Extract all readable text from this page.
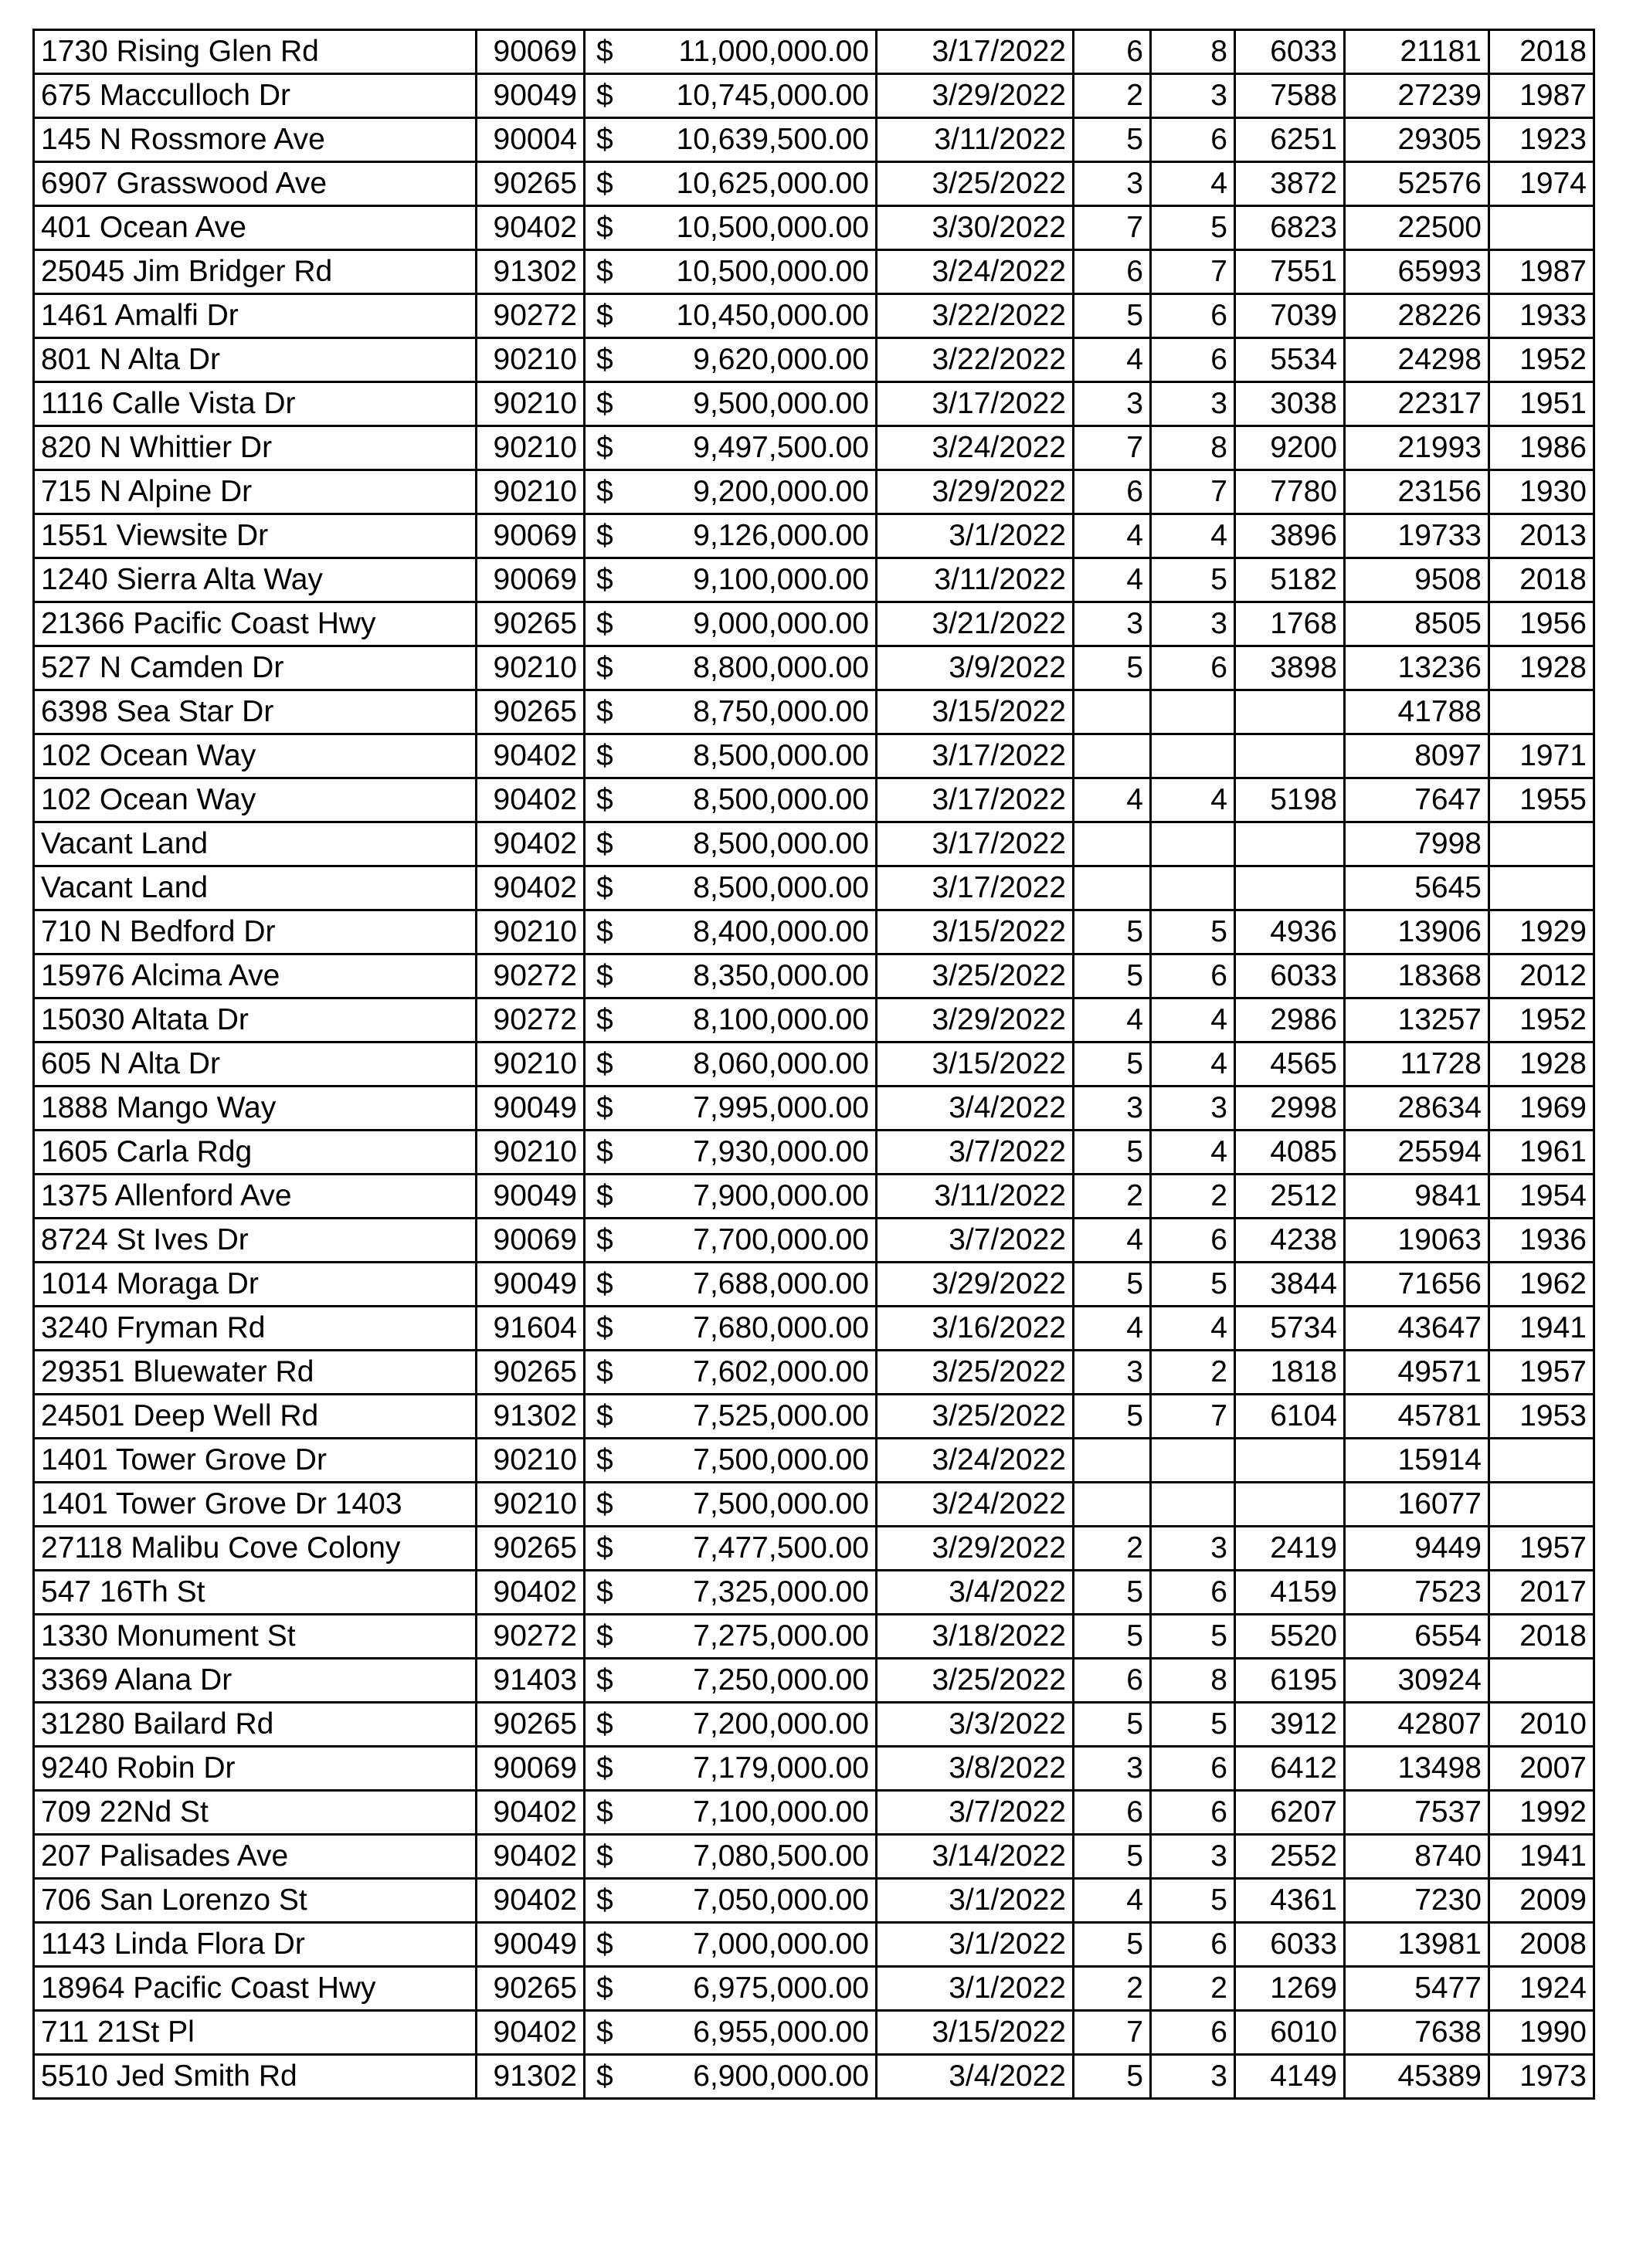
1730 Rising Glen Rd	90069	$ 11,000,000.00	3/17/2022	6	8	6033	21181	2018
675 Macculloch Dr	90049	$ 10,745,000.00	3/29/2022	2	3	7588	27239	1987
145 N Rossmore Ave	90004	$ 10,639,500.00	3/11/2022	5	6	6251	29305	1923
6907 Grasswood Ave	90265	$ 10,625,000.00	3/25/2022	3	4	3872	52576	1974
401 Ocean Ave	90402	$ 10,500,000.00	3/30/2022	7	5	6823	22500	
25045 Jim Bridger Rd	91302	$ 10,500,000.00	3/24/2022	6	7	7551	65993	1987
1461 Amalfi Dr	90272	$ 10,450,000.00	3/22/2022	5	6	7039	28226	1933
801 N Alta Dr	90210	$ 9,620,000.00	3/22/2022	4	6	5534	24298	1952
1116 Calle Vista Dr	90210	$ 9,500,000.00	3/17/2022	3	3	3038	22317	1951
820 N Whittier Dr	90210	$ 9,497,500.00	3/24/2022	7	8	9200	21993	1986
715 N Alpine Dr	90210	$ 9,200,000.00	3/29/2022	6	7	7780	23156	1930
1551 Viewsite Dr	90069	$ 9,126,000.00	3/1/2022	4	4	3896	19733	2013
1240 Sierra Alta Way	90069	$ 9,100,000.00	3/11/2022	4	5	5182	9508	2018
21366 Pacific Coast Hwy	90265	$ 9,000,000.00	3/21/2022	3	3	1768	8505	1956
527 N Camden Dr	90210	$ 8,800,000.00	3/9/2022	5	6	3898	13236	1928
6398 Sea Star Dr	90265	$ 8,750,000.00	3/15/2022				41788	
102 Ocean Way	90402	$ 8,500,000.00	3/17/2022				8097	1971
102 Ocean Way	90402	$ 8,500,000.00	3/17/2022	4	4	5198	7647	1955
Vacant Land	90402	$ 8,500,000.00	3/17/2022				7998	
Vacant Land	90402	$ 8,500,000.00	3/17/2022				5645	
710 N Bedford Dr	90210	$ 8,400,000.00	3/15/2022	5	5	4936	13906	1929
15976 Alcima Ave	90272	$ 8,350,000.00	3/25/2022	5	6	6033	18368	2012
15030 Altata Dr	90272	$ 8,100,000.00	3/29/2022	4	4	2986	13257	1952
605 N Alta Dr	90210	$ 8,060,000.00	3/15/2022	5	4	4565	11728	1928
1888 Mango Way	90049	$ 7,995,000.00	3/4/2022	3	3	2998	28634	1969
1605 Carla Rdg	90210	$ 7,930,000.00	3/7/2022	5	4	4085	25594	1961
1375 Allenford Ave	90049	$ 7,900,000.00	3/11/2022	2	2	2512	9841	1954
8724 St Ives Dr	90069	$ 7,700,000.00	3/7/2022	4	6	4238	19063	1936
1014 Moraga Dr	90049	$ 7,688,000.00	3/29/2022	5	5	3844	71656	1962
3240 Fryman Rd	91604	$ 7,680,000.00	3/16/2022	4	4	5734	43647	1941
29351 Bluewater Rd	90265	$ 7,602,000.00	3/25/2022	3	2	1818	49571	1957
24501 Deep Well Rd	91302	$ 7,525,000.00	3/25/2022	5	7	6104	45781	1953
1401 Tower Grove Dr	90210	$ 7,500,000.00	3/24/2022				15914	
1401 Tower Grove Dr 1403	90210	$ 7,500,000.00	3/24/2022				16077	
27118 Malibu Cove Colony	90265	$ 7,477,500.00	3/29/2022	2	3	2419	9449	1957
547 16Th St	90402	$ 7,325,000.00	3/4/2022	5	6	4159	7523	2017
1330 Monument St	90272	$ 7,275,000.00	3/18/2022	5	5	5520	6554	2018
3369 Alana Dr	91403	$ 7,250,000.00	3/25/2022	6	8	6195	30924	
31280 Bailard Rd	90265	$ 7,200,000.00	3/3/2022	5	5	3912	42807	2010
9240 Robin Dr	90069	$ 7,179,000.00	3/8/2022	3	6	6412	13498	2007
709 22Nd St	90402	$ 7,100,000.00	3/7/2022	6	6	6207	7537	1992
207 Palisades Ave	90402	$ 7,080,500.00	3/14/2022	5	3	2552	8740	1941
706 San Lorenzo St	90402	$ 7,050,000.00	3/1/2022	4	5	4361	7230	2009
1143 Linda Flora Dr	90049	$ 7,000,000.00	3/1/2022	5	6	6033	13981	2008
18964 Pacific Coast Hwy	90265	$ 6,975,000.00	3/1/2022	2	2	1269	5477	1924
711 21St Pl	90402	$ 6,955,000.00	3/15/2022	7	6	6010	7638	1990
5510 Jed Smith Rd	91302	$ 6,900,000.00	3/4/2022	5	3	4149	45389	1973
